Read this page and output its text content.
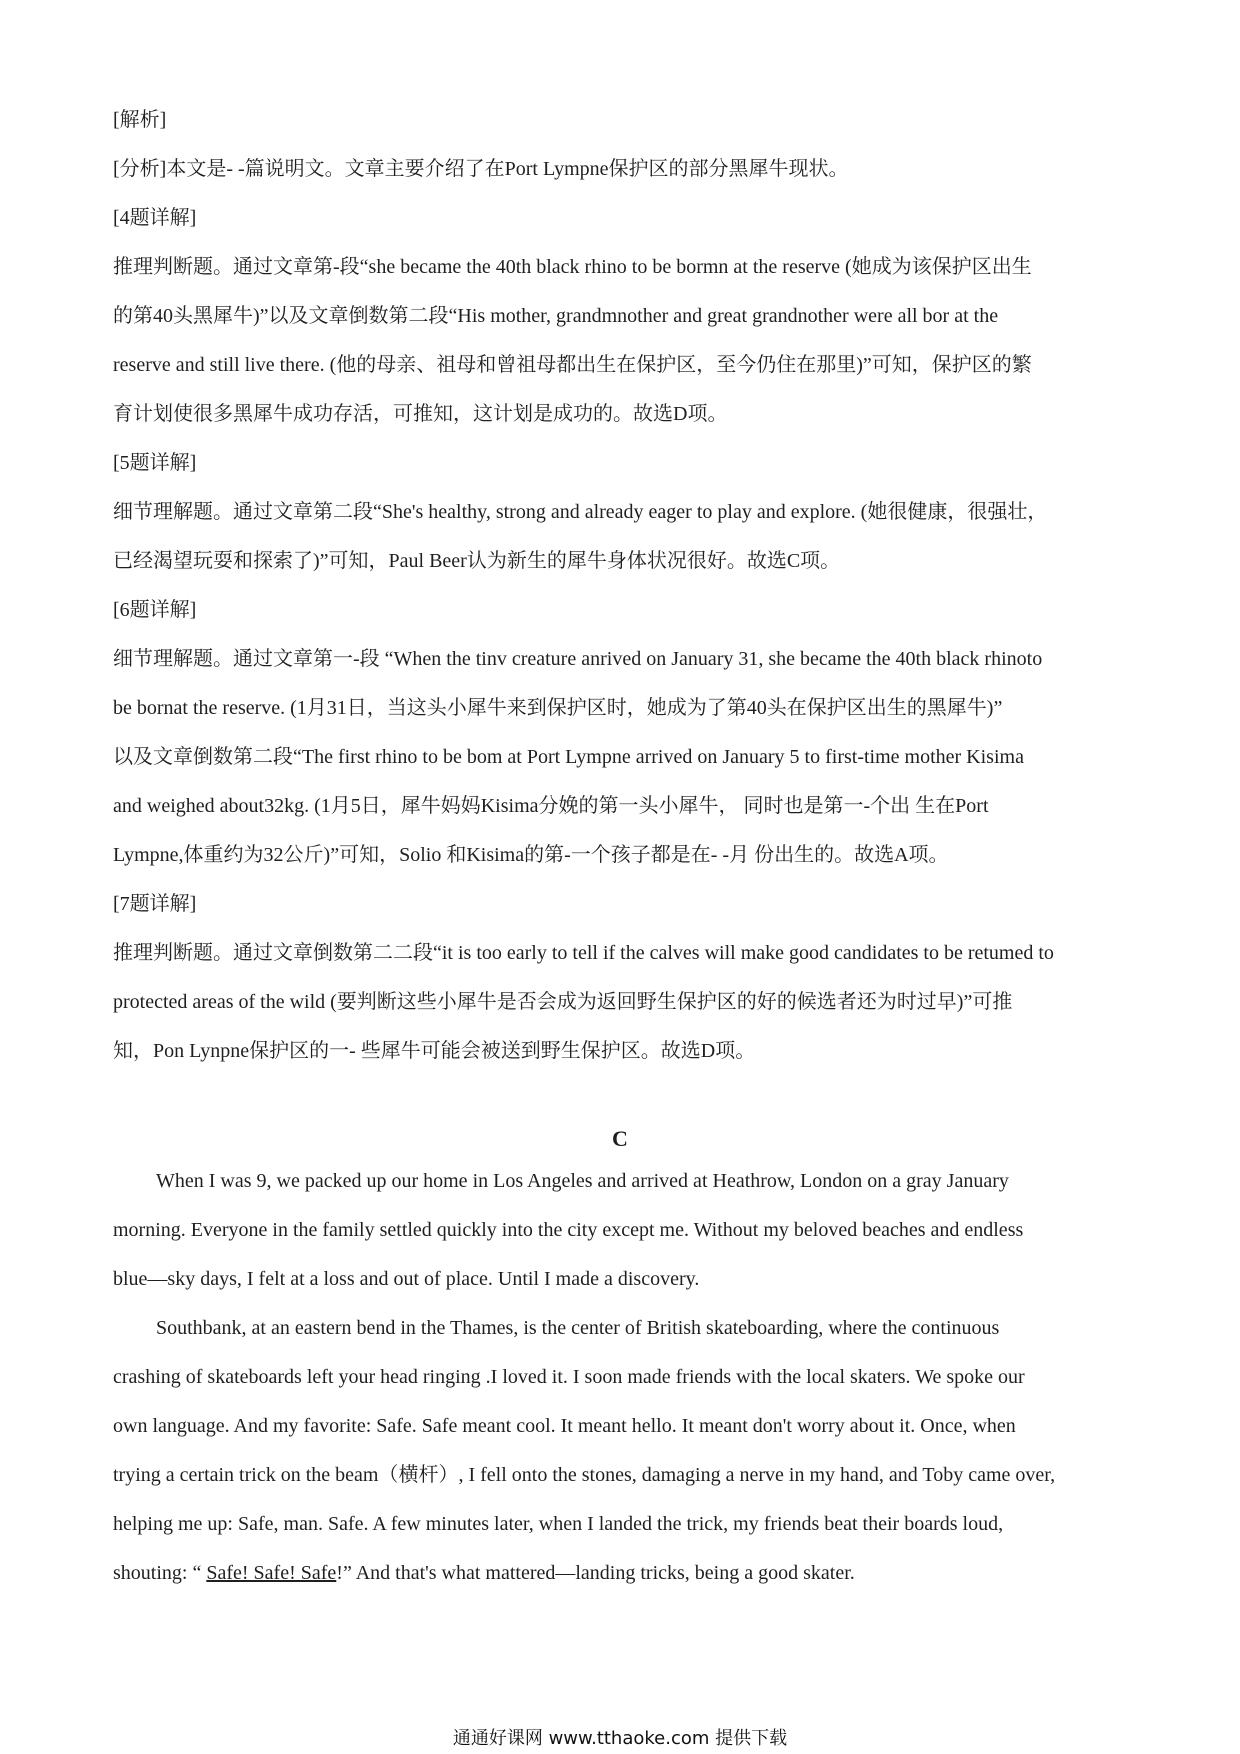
[解析]
[分析]本文是- -篇说明文。文章主要介绍了在Port Lympne保护区的部分黑犀牛现状。
[4题详解]
推理判断题。通过文章第-段“she became the 40th black rhino to be bormn at the reserve (她成为该保护区出生
的第40头黑犀牛)”以及文章倒数第二段“His mother, grandmnother and great grandnother were all bor at the
reserve and still live there. (他的母亲、祖母和曾祖母都出生在保护区，至今仍住在那里)”可知，保护区的繁
育计划使很多黑犀牛成功存活，可推知，这计划是成功的。故选D项。
[5题详解]
细节理解题。通过文章第二段“She's healthy, strong and already eager to play and explore. (她很健康，很强壮，
已经渴望玩耍和探索了)”可知，Paul Beer认为新生的犀牛身体状况很好。故选C项。
[6题详解]
细节理解题。通过文章第一-段 “When the tinv creature anrived on January 31, she became the 40th black rhinoto
be bornat the reserve. (1月31日，当这头小犀牛来到保护区时，她成为了第40头在保护区出生的黑犀牛)”
以及文章倒数第二段“The first rhino to be bom at Port Lympne arrived on January 5 to first-time mother Kisima
and weighed about32kg. (1月5日，犀牛妈妈Kisima分娩的第一头小犀牛， 同时也是第一-个出 生在Port
Lympne,体重约为32公斤)”可知，Solio 和Kisima的第-一个孩子都是在- -月 份出生的。故选A项。
[7题详解]
推理判断题。通过文章倒数第二二段“it is too early to tell if the calves will make good candidates to be retumed to
protected areas of the wild (要判断这些小犀牛是否会成为返回野生保护区的好的候选者还为时过早)”可推
知，Pon Lynpne保护区的一- 些犀牛可能会被送到野生保护区。故选D项。
C
When I was 9, we packed up our home in Los Angeles and arrived at Heathrow, London on a gray January
morning. Everyone in the family settled quickly into the city except me. Without my beloved beaches and endless
blue—sky days, I felt at a loss and out of place. Until I made a discovery.
Southbank, at an eastern bend in the Thames, is the center of British skateboarding, where the continuous
crashing of skateboards left your head ringing .I loved it. I soon made friends with the local skaters. We spoke our
own language. And my favorite: Safe. Safe meant cool. It meant hello. It meant don't worry about it. Once, when
trying a certain trick on the beam（横杆）, I fell onto the stones, damaging a nerve in my hand, and Toby came over,
helping me up: Safe, man. Safe. A few minutes later, when I landed the trick, my friends beat their boards loud,
shouting: “ Safe! Safe! Safe!” And that's what mattered—landing tricks, being a good skater.
通通好课网 www.tthaoke.com 提供下载
